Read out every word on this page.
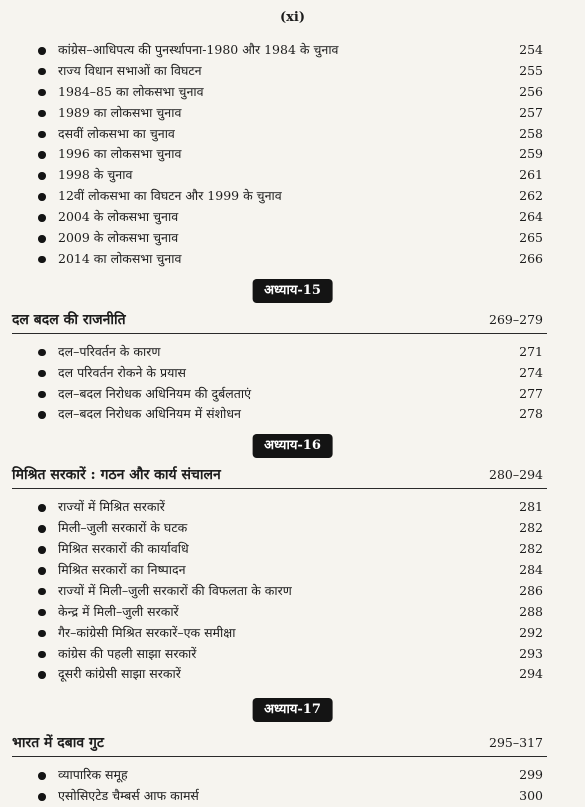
(xi)
कांग्रेस–आधिपत्य की पुनर्स्थापना-1980 और 1984 के चुनाव	254
राज्य विधान सभाओं का विघटन	255
1984–85 का लोकसभा चुनाव	256
1989 का लोकसभा चुनाव	257
दसवीं लोकसभा का चुनाव	258
1996 का लोकसभा चुनाव	259
1998 के चुनाव	261
12वीं लोकसभा का विघटन और 1999 के चुनाव	262
2004 के लोकसभा चुनाव	264
2009 के लोकसभा चुनाव	265
2014 का लोकसभा चुनाव	266
अध्याय-15
दल बदल की राजनीति	269–279
दल–परिवर्तन के कारण	271
दल परिवर्तन रोकने के प्रयास	274
दल–बदल निरोधक अधिनियम की दुर्बलताएं	277
दल–बदल निरोधक अधिनियम में संशोधन	278
अध्याय-16
मिश्रित सरकारें : गठन और कार्य संचालन	280–294
राज्यों में मिश्रित सरकारें	281
मिली–जुली सरकारों के घटक	282
मिश्रित सरकारों की कार्यावधि	282
मिश्रित सरकारों का निष्पादन	284
राज्यों में मिली–जुली सरकारों की विफलता के कारण	286
केन्द्र में मिली–जुली सरकारें	288
गैर–कांग्रेसी मिश्रित सरकारें–एक समीक्षा	292
कांग्रेस की पहली साझा सरकारें	293
दूसरी कांग्रेसी साझा सरकारें	294
अध्याय-17
भारत में दबाव गुट	295–317
व्यापारिक समूह	299
एसोसिएटेड चैम्बर्स आफ कामर्स	300
